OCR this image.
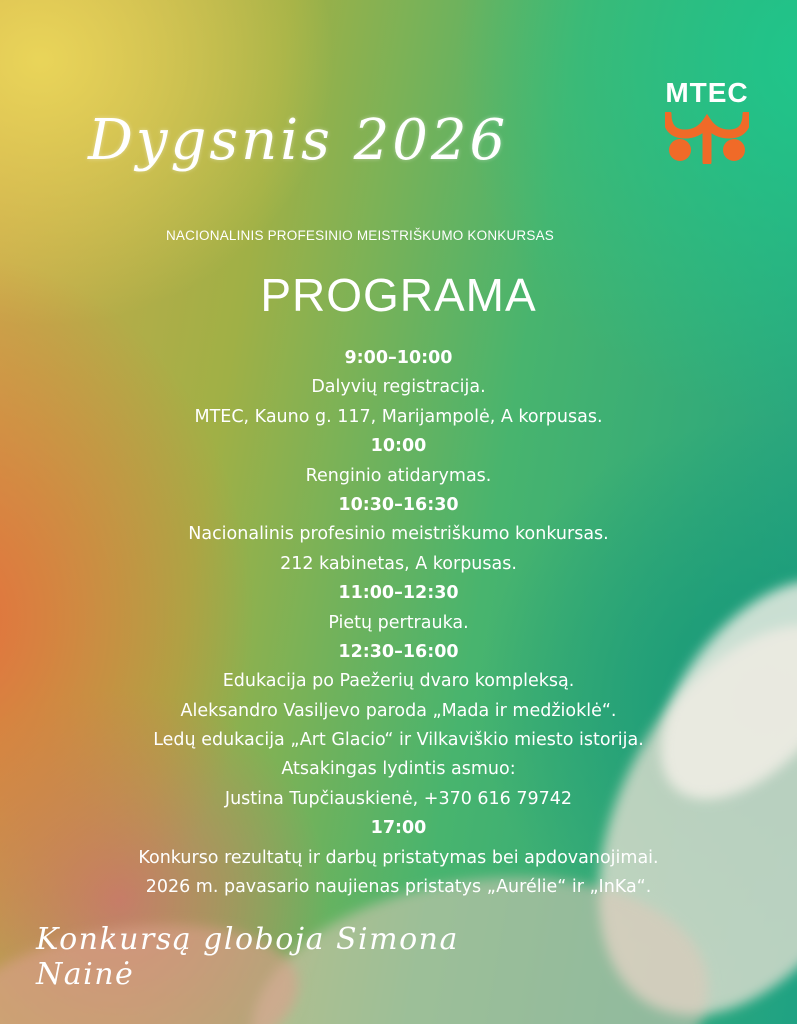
MTEC
Dygsnis 2026
NACIONALINIS PROFESINIO MEISTRIŠKUMO KONKURSAS
PROGRAMA
9:00–10:00
Dalyvių registracija.
MTEC, Kauno g. 117, Marijampolė, A korpusas.
10:00
Renginio atidarymas.
10:30–16:30
Nacionalinis profesinio meistriškumo konkursas.
212 kabinetas, A korpusas.
11:00–12:30
Pietų pertrauka.
12:30–16:00
Edukacija po Paežerių dvaro kompleksą.
Aleksandro Vasiljevo paroda „Mada ir medžioklė“.
Ledų edukacija „Art Glacio“ ir Vilkaviškio miesto istorija.
Atsakingas lydintis asmuo:
Justina Tupčiauskienė, +370 616 79742
17:00
Konkurso rezultatų ir darbų pristatymas bei apdovanojimai.
2026 m. pavasario naujienas pristatys „Aurélie“ ir „InKa“.
Konkursą globoja Simona Nainė
